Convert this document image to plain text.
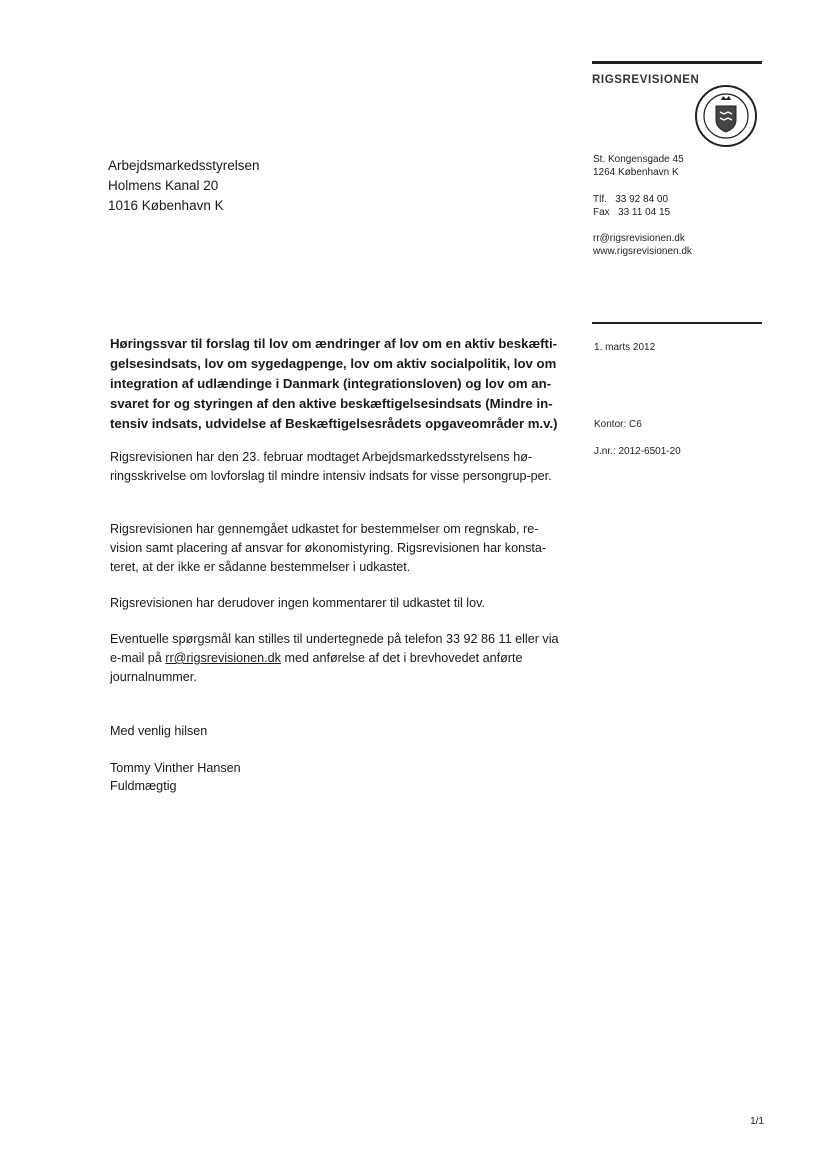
RIGSREVISIONEN
St. Kongensgade 45
1264 København K
Tlf.   33 92 84 00
Fax   33 11 04 15
rr@rigsrevisionen.dk
www.rigsrevisionen.dk
Arbejdsmarkedsstyrelsen
Holmens Kanal 20
1016 København K
1. marts 2012
Kontor: C6
J.nr.: 2012-6501-20
Høringssvar til forslag til lov om ændringer af lov om en aktiv beskæfti-gelsesindsats, lov om sygedagpenge, lov om aktiv socialpolitik, lov om integration af udlændinge i Danmark (integrationsloven) og lov om an-svaret for og styringen af den aktive beskæftigelsesindsats (Mindre in-tensiv indsats, udvidelse af Beskæftigelsesrådets opgaveområder m.v.)
Rigsrevisionen har den 23. februar modtaget Arbejdsmarkedsstyrelsens hø-ringsskrivelse om lovforslag til mindre intensiv indsats for visse persongrup-per.
Rigsrevisionen har gennemgået udkastet for bestemmelser om regnskab, re-vision samt placering af ansvar for økonomistyring. Rigsrevisionen har konsta-teret, at der ikke er sådanne bestemmelser i udkastet.
Rigsrevisionen har derudover ingen kommentarer til udkastet til lov.
Eventuelle spørgsmål kan stilles til undertegnede på telefon 33 92 86 11 eller via e-mail på rr@rigsrevisionen.dk med anførelse af det i brevhovedet anførte journalnummer.
Med venlig hilsen
Tommy Vinther Hansen
Fuldmægtig
1/1
